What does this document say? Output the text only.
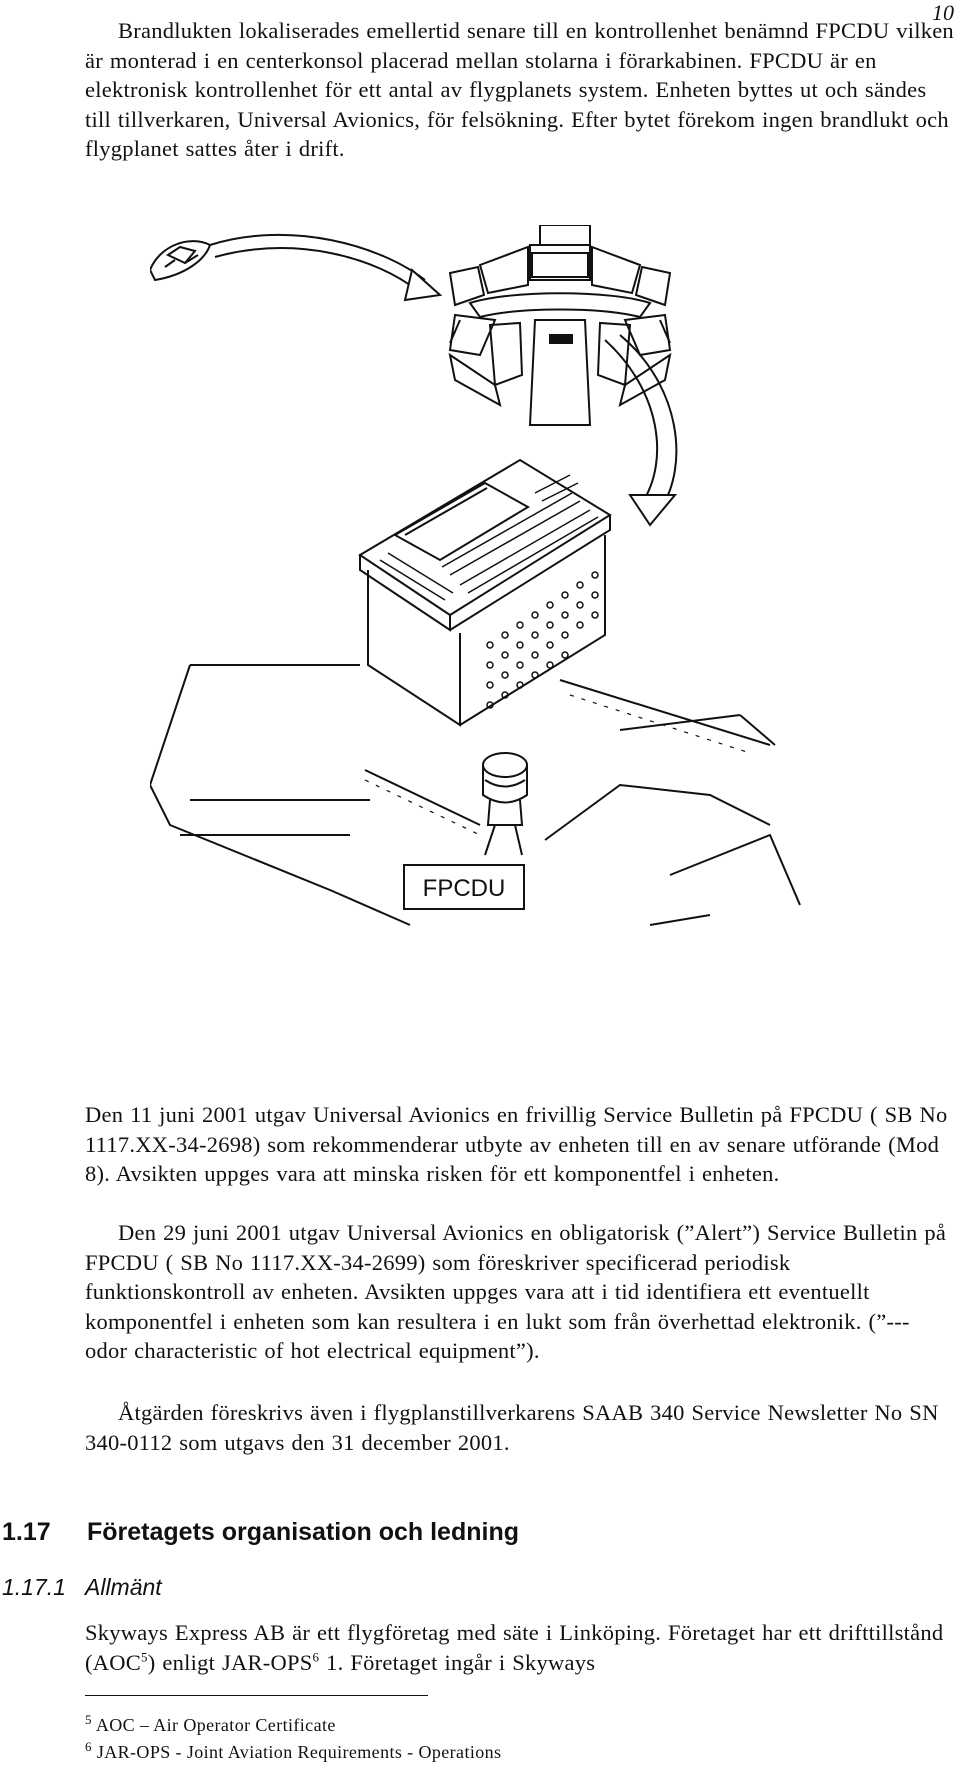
10

Brandlukten lokaliserades emellertid senare till en kontrollenhet benämnd FPCDU vilken är monterad i en centerkonsol placerad mellan stolarna i förarkabinen. FPCDU är en elektronisk kontrollenhet för ett antal av flygplanets system. Enheten byttes ut och sändes till tillverkaren, Universal Avionics, för felsökning. Efter bytet förekom ingen brandlukt och flygplanet sattes åter i drift.

FPCDU

Den 11 juni 2001 utgav Universal Avionics en frivillig Service Bulletin på FPCDU ( SB No 1117.XX-34-2698) som rekommenderar utbyte av enheten till en av senare utförande (Mod 8). Avsikten uppges vara att minska risken för ett komponentfel i enheten.

Den 29 juni 2001 utgav Universal Avionics en obligatorisk (”Alert”) Service Bulletin på FPCDU ( SB No 1117.XX-34-2699) som föreskriver specificerad periodisk funktionskontroll av enheten. Avsikten uppges vara att i tid identifiera ett eventuellt komponentfel i enheten som kan resultera i en lukt som från överhettad elektronik. (”--- odor characteristic of hot electrical equipment”).

Åtgärden föreskrivs även i flygplanstillverkarens SAAB 340 Service Newsletter No SN 340-0112 som utgavs den 31 december 2001.

1.17 Företagets organisation och ledning
1.17.1 Allmänt

Skyways Express AB är ett flygföretag med säte i Linköping. Företaget har ett drifttillstånd (AOC$^5$) enligt JAR-OPS$^6$ 1. Företaget ingår i Skyways

$^5$ AOC – Air Operator Certificate

$^6$ JAR-OPS - Joint Aviation Requirements - Operations
